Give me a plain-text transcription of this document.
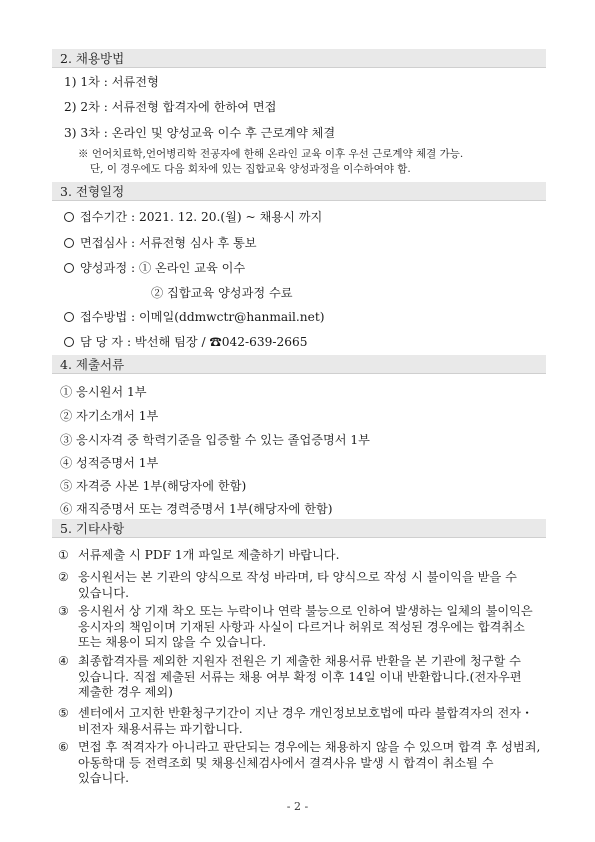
2. 채용방법
1) 1차 : 서류전형
2) 2차 : 서류전형 합격자에 한하여 면접
3) 3차 : 온라인 및 양성교육 이수 후 근로계약 체결
※ 언어치료학,언어병리학 전공자에 한해 온라인 교육 이후 우선 근로계약 체결 가능.
단, 이 경우에도 다음 회차에 있는 집합교육 양성과정을 이수하여야 함.
3. 전형일정
접수기간 : 2021. 12. 20.(월) ~ 채용시 까지
면접심사 : 서류전형 심사 후 통보
양성과정 : ① 온라인 교육 이수
② 집합교육 양성과정 수료
접수방법 : 이메일(ddmwctr@hanmail.net)
담 당 자 : 박선해 팀장 / ☎042-639-2665
4. 제출서류
① 응시원서 1부
② 자기소개서 1부
③ 응시자격 중 학력기준을 입증할 수 있는 졸업증명서 1부
④ 성적증명서 1부
⑤ 자격증 사본 1부(해당자에 한함)
⑥ 재직증명서 또는 경력증명서 1부(해당자에 한함)
5. 기타사항
① 서류제출 시 PDF 1개 파일로 제출하기 바랍니다.
② 응시원서는 본 기관의 양식으로 작성 바라며, 타 양식으로 작성 시 불이익을 받을 수 있습니다.
③ 응시원서 상 기재 착오 또는 누락이나 연락 불능으로 인하여 발생하는 일체의 불이익은 응시자의 책임이며 기재된 사항과 사실이 다르거나 허위로 적성된 경우에는 합격취소 또는 채용이 되지 않을 수 있습니다.
④ 최종합격자를 제외한 지원자 전원은 기 제출한 채용서류 반환을 본 기관에 청구할 수 있습니다. 직접 제출된 서류는 채용 여부 확정 이후 14일 이내 반환합니다.(전자우편 제출한 경우 제외)
⑤ 센터에서 고지한 반환청구기간이 지난 경우 개인정보보호법에 따라 불합격자의 전자・비전자 채용서류는 파기합니다.
⑥ 면접 후 적격자가 아니라고 판단되는 경우에는 채용하지 않을 수 있으며 합격 후 성범죄, 아동학대 등 전력조회 및 채용신체검사에서 결격사유 발생 시 합격이 취소될 수 있습니다.
- 2 -
